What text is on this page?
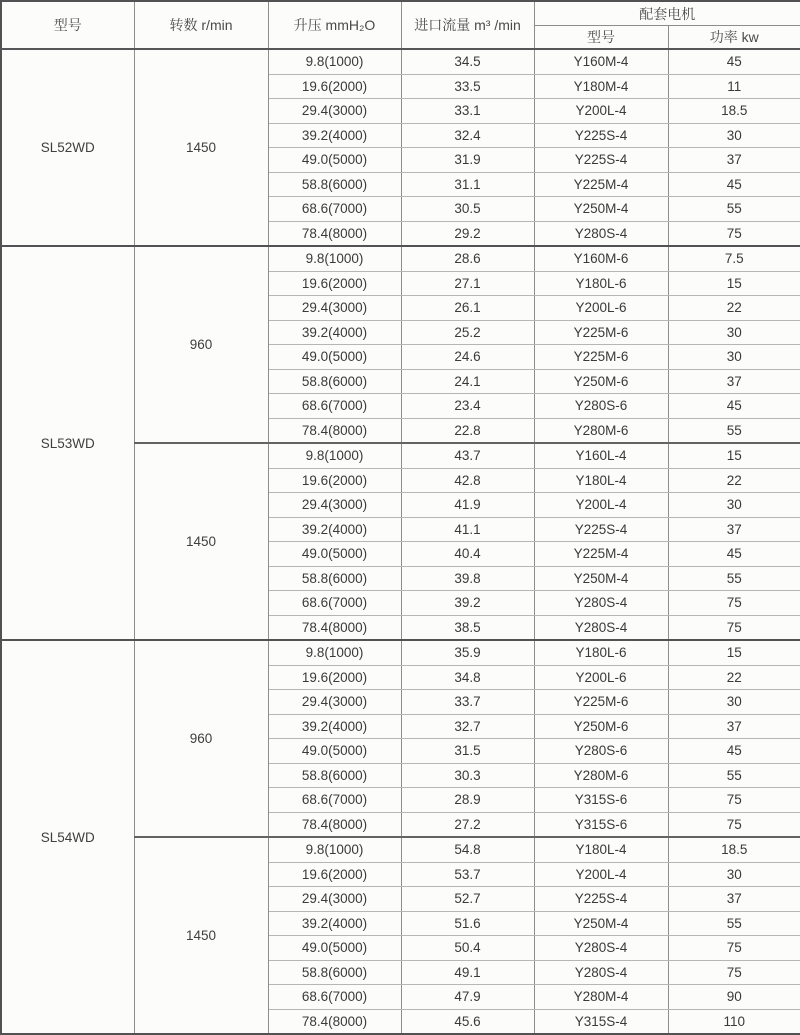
型号	转数 r/min	升压 mmH₂O	进口流量 m³ /min	配套电机	
				型号	功率 kw
SL52WD	1450	9.8(1000)	34.5	Y160M-4	45
		19.6(2000)	33.5	Y180M-4	11
		29.4(3000)	33.1	Y200L-4	18.5
		39.2(4000)	32.4	Y225S-4	30
		49.0(5000)	31.9	Y225S-4	37
		58.8(6000)	31.1	Y225M-4	45
		68.6(7000)	30.5	Y250M-4	55
		78.4(8000)	29.2	Y280S-4	75
SL53WD	960	9.8(1000)	28.6	Y160M-6	7.5
		19.6(2000)	27.1	Y180L-6	15
		29.4(3000)	26.1	Y200L-6	22
		39.2(4000)	25.2	Y225M-6	30
		49.0(5000)	24.6	Y225M-6	30
		58.8(6000)	24.1	Y250M-6	37
		68.6(7000)	23.4	Y280S-6	45
		78.4(8000)	22.8	Y280M-6	55
	1450	9.8(1000)	43.7	Y160L-4	15
		19.6(2000)	42.8	Y180L-4	22
		29.4(3000)	41.9	Y200L-4	30
		39.2(4000)	41.1	Y225S-4	37
		49.0(5000)	40.4	Y225M-4	45
		58.8(6000)	39.8	Y250M-4	55
		68.6(7000)	39.2	Y280S-4	75
		78.4(8000)	38.5	Y280S-4	75
SL54WD	960	9.8(1000)	35.9	Y180L-6	15
		19.6(2000)	34.8	Y200L-6	22
		29.4(3000)	33.7	Y225M-6	30
		39.2(4000)	32.7	Y250M-6	37
		49.0(5000)	31.5	Y280S-6	45
		58.8(6000)	30.3	Y280M-6	55
		68.6(7000)	28.9	Y315S-6	75
		78.4(8000)	27.2	Y315S-6	75
	1450	9.8(1000)	54.8	Y180L-4	18.5
		19.6(2000)	53.7	Y200L-4	30
		29.4(3000)	52.7	Y225S-4	37
		39.2(4000)	51.6	Y250M-4	55
		49.0(5000)	50.4	Y280S-4	75
		58.8(6000)	49.1	Y280S-4	75
		68.6(7000)	47.9	Y280M-4	90
		78.4(8000)	45.6	Y315S-4	110
